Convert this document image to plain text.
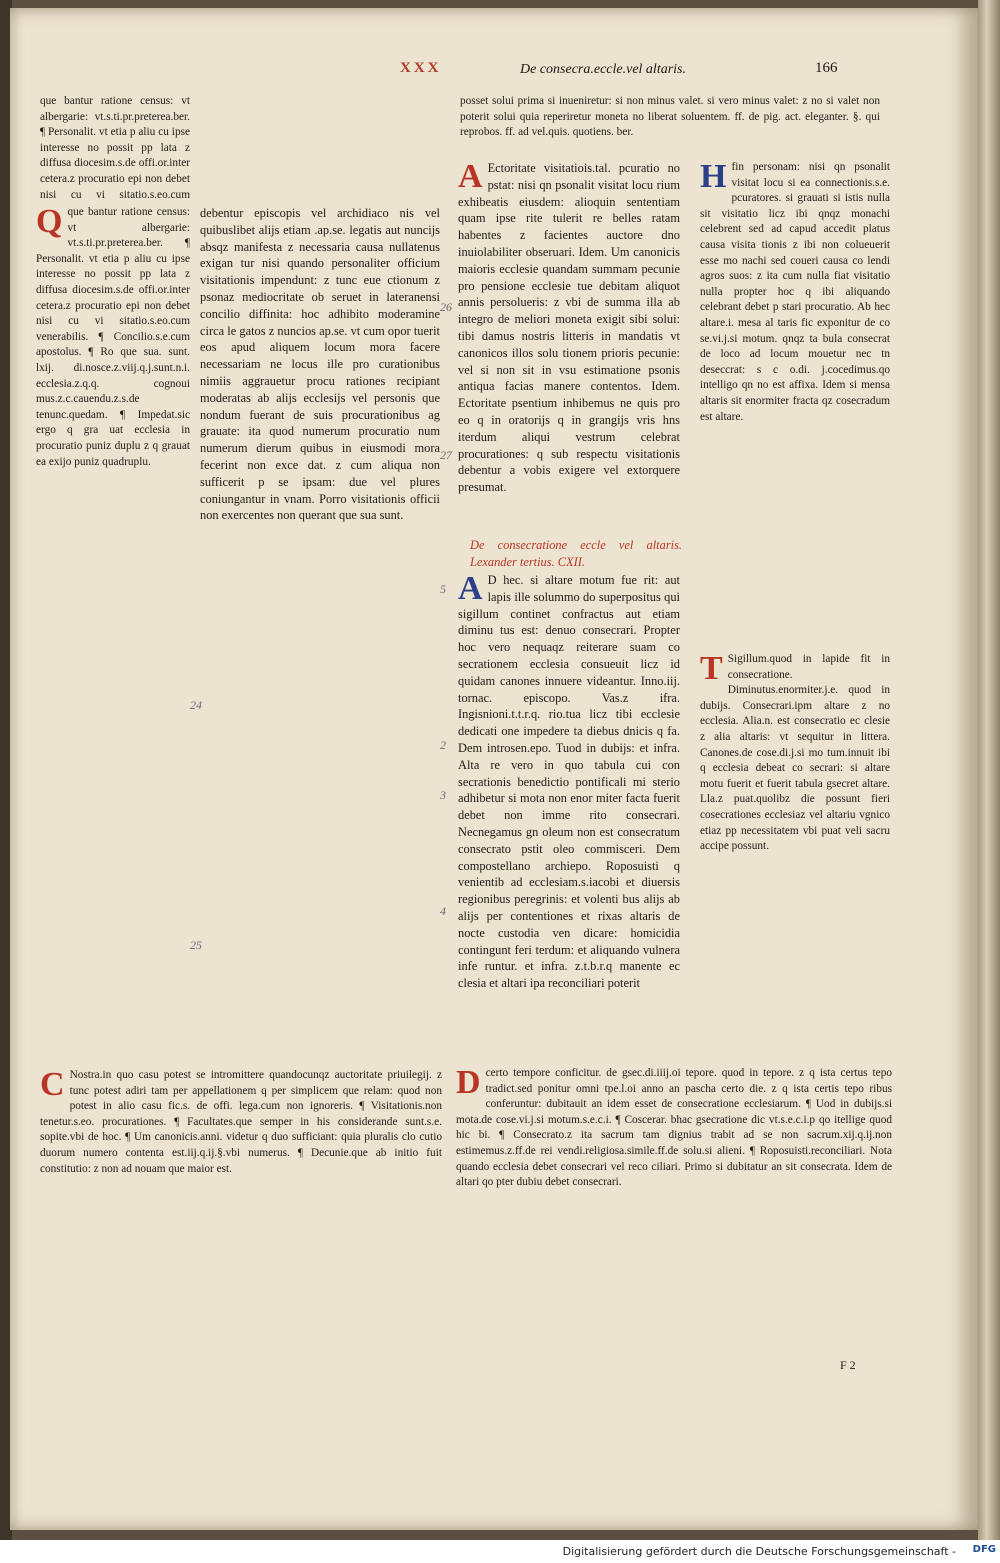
XXX	De consecra.eccle.vel altaris.	166

que bantur ratione census: vt albergarie: vt.s.ti.pr.preterea.ber. ¶ Personalit. vt etia p aliu cu ipse interesse no possit pp lata z diffusa diocesim.s.de offi.or.inter cetera.z procuratio epi non debet nisi cu vi sitatio.s.eo.cum

debentur episcopis vel archidiaco nis vel quibuslibet alijs etiam .ap.se. legatis aut nuncijs absqz manifesta z necessaria causa nullatenus exigan tur nisi quando personaliter officium visitationis impendunt: z tunc eue ctionum z psonaz mediocritate ob seruet in lateranensi concilio diffinita: hoc adhibito moderamine circa le gatos z nuncios ap.se. vt cum opor tuerit eos apud aliquem locum mora facere necessariam ne locus ille pro curationibus nimiis aggrauetur procu rationes recipiant moderatas ab alijs ecclesijs vel personis que nondum fuerant de suis procurationibus ag grauate: ita quod numerum procuratio num numerum dierum quibus in eiusmodi mora fecerint non exce dat. z cum aliqua non sufficerit p se ipsam: due vel plures coniungantur in vnam. Porro visitationis officii non exercentes non querant que sua sunt.

Q que bantur ratione census: vt albergarie: vt.s.ti.pr.preterea.ber. ¶ Personalit. vt etia p aliu cu ipse interesse no possit pp lata z diffusa diocesim.s.de offi.or.inter cetera.z procuratio epi non debet nisi cu vi sitatio.s.eo.cum venerabilis. ¶ Concilio.s.e.cum apostolus. ¶ Ro que sua. sunt. lxij. di.nosce.z.viij.q.j.sunt.n.i. ecclesia.z.q.q. cognoui mus.z.c.cauendu.z.s.de tenunc.quedam. ¶ Impedat.sic ergo q gra uat ecclesia in procuratio puniz duplu z q grauat ea exijo puniz quadruplu.

C Nostra.in quo casu potest se intromittere quandocunqz auctoritate priuilegij. z tunc potest adiri tam per appellationem q per simplicem que relam: quod non potest in alio casu fic.s. de offi. lega.cum non ignoreris. ¶ Visitationis.non tenetur.s.eo. procurationes. ¶ Facultates.que semper in his considerande sunt.s.e. sopite.vbi de hoc. ¶ Um canonicis.anni. videtur q duo sufficiant: quia pluralis clo cutio duorum numero contenta est.iij.q.ij.§.vbi numerus. ¶ Decunie.que ab initio fuit constitutio: z non ad nouam que maior est.

posset solui prima si inueniretur: si non minus valet. si vero minus valet: z no si valet non poterit solui quia reperiretur moneta no liberat soluentem. ff. de pig. act. eleganter. §. qui reprobos. ff. ad vel.quis. quotiens. ber.

A Ectoritate visitatiois.tal. pcuratio no pstat: nisi qn psonalit visitat locu rium exhibeatis eiusdem: alioquin sententiam quam ipse rite tulerit re belles ratam habentes z facientes auctore dno inuiolabiliter obseruari. Idem. Um canonicis maioris ecclesie quandam summam pecunie pro pensione ecclesie tue debitam aliquot annis persolueris: z vbi de summa illa ab integro de meliori moneta exigit sibi solui: tibi damus nostris litteris in mandatis vt canonicos illos solu tionem prioris pecunie: vel si non sit in vsu estimatione psonis antiqua facias manere contentos. Idem. Ectoritate psentium inhibemus ne quis pro eo q in oratorijs q in grangijs vris hns iterdum aliqui vestrum celebrat procurationes: q sub respectu visitationis debentur a vobis exigere vel extorquere presumat.

De consecratione eccle vel altaris. Lexander tertius. CXII.

A D hec. si altare motum fue rit: aut lapis ille solummo do superpositus qui sigillum continet confractus aut etiam diminu tus est: denuo consecrari. Propter hoc vero nequaqz reiterare suam co secrationem ecclesia consueuit licz id quidam canones innuere videantur. Inno.iij. tornac. episcopo. Vas.z ifra. Ingisnioni.t.t.r.q. rio.tua licz tibi ecclesie dedicati one impedere ta diebus dnicis q fa. Dem introsen.epo. Tuod in dubijs: et infra. Alta re vero in quo tabula cui con secrationis benedictio pontificali mi sterio adhibetur si mota non enor miter facta fuerit debet non imme rito consecrari. Necnegamus gn oleum non est consecratum consecrato pstit oleo commisceri. Dem compostellano archiepo. Roposuisti q venientib ad ecclesiam.s.iacobi et diuersis regionibus peregrinis: et volenti bus alijs ab alijs per contentiones et rixas altaris de nocte custodia ven dicare: homicidia contingunt feri terdum: et aliquando vulnera infe runtur. et infra. z.t.b.r.q manente ec clesia et altari ipa reconciliari poterit

H fin personam: nisi qn psonalit visitat locu si ea connectionis.s.e. pcuratores. si grauati si istis nulla sit visitatio licz ibi qnqz monachi celebrent sed ad capud accedit platus causa visita tionis z ibi non colueuerit esse mo nachi sed coueri causa co lendi agros suos: z ita cum nulla fiat visitatio nulla propter hoc q ibi aliquando celebrant debet p stari procuratio. Ab hec altare.i. mesa al taris fic exponitur de co se.vi.j.si motum. qnqz ta bula consecrat de loco ad locum mouetur nec tn deseccrat: s c o.di. j.cocedimus.qo intelligo qn no est affixa. Idem si mensa altaris sit enormiter fracta qz cosecradum est altare.

T Sigillum.quod in lapide fit in consecratione. Diminutus.enormiter.j.e. quod in dubijs. Consecrari.ipm altare z no ecclesia. Alia.n. est consecratio ec clesie z alia altaris: vt sequitur in littera. Canones.de cose.di.j.si mo tum.innuit ibi q ecclesia debeat co secrari: si altare motu fuerit et fuerit tabula gsecret altare. Lla.z puat.quolibz die possunt fieri cosecrationes ecclesiaz vel altariu vgnico etiaz pp necessitatem vbi puat veli sacru accipe possunt.

D certo tempore conficitur. de gsec.di.iiij.oi tepore. quod in tepore. z q ista certus tepo tradict.sed ponitur omni tpe.l.oi anno an pascha certo die. z q ista certis tepo ribus conferuntur: dubitauit an idem esset de consecratione ecclesiarum. ¶ Uod in dubijs.si mota.de cose.vi.j.si motum.s.e.c.i. ¶ Coscerar. bhac gsecratione dic vt.s.e.c.i.p qo itellige quod hic bi. ¶ Consecrato.z ita sacrum tam dignius trabit ad se non sacrum.xij.q.ij.non estimemus.z.ff.de rei vendi.religiosa.simile.ff.de solu.si alieni. ¶ Roposuisti.reconciliari. Nota quando ecclesia debet consecrari vel reco ciliari. Primo si dubitatur an sit consecrata. Idem de altari qo pter dubiu debet consecrari.

F 2
26
27
24
25
3
4
5
2
Digitalisierung gefördert durch die Deutsche Forschungsgemeinschaft - DFG
